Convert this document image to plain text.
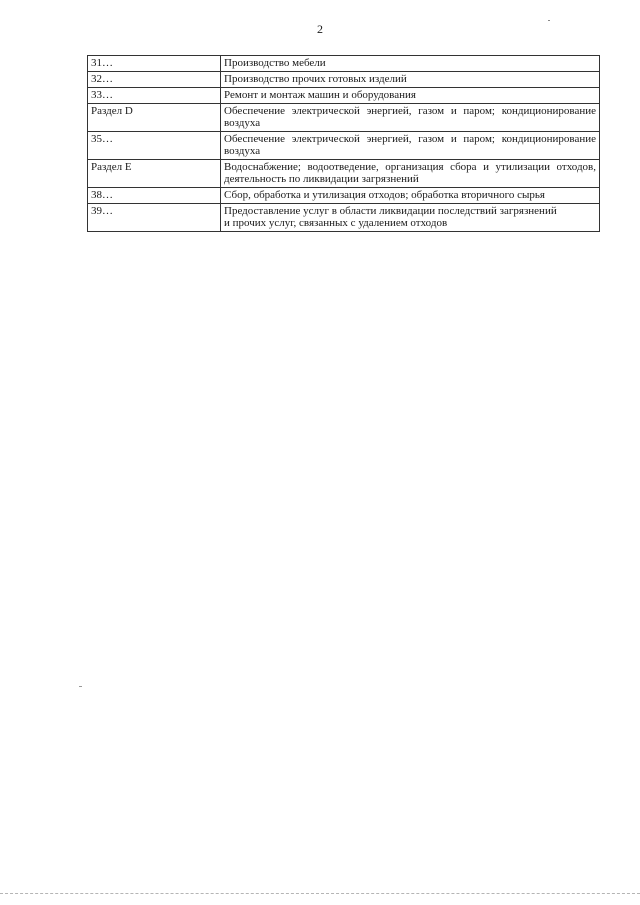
2
31…	Производство мебели

32…	Производство прочих готовых изделий

33…	Ремонт и монтаж машин и оборудования

Раздел D	Обеспечение электрической энергией, газом и паром; кондиционирование воздуха

35…	Обеспечение электрической энергией, газом и паром; кондиционирование воздуха

Раздел Е	Водоснабжение; водоотведение, организация сбора и утилизации отходов, деятельность по ликвидации загрязнений

38…	Сбор, обработка и утилизация отходов; обработка вторичного сырья

39…	Предоставление услуг в области ликвидации последствий загрязнений
и прочих услуг, связанных с удалением отходов
